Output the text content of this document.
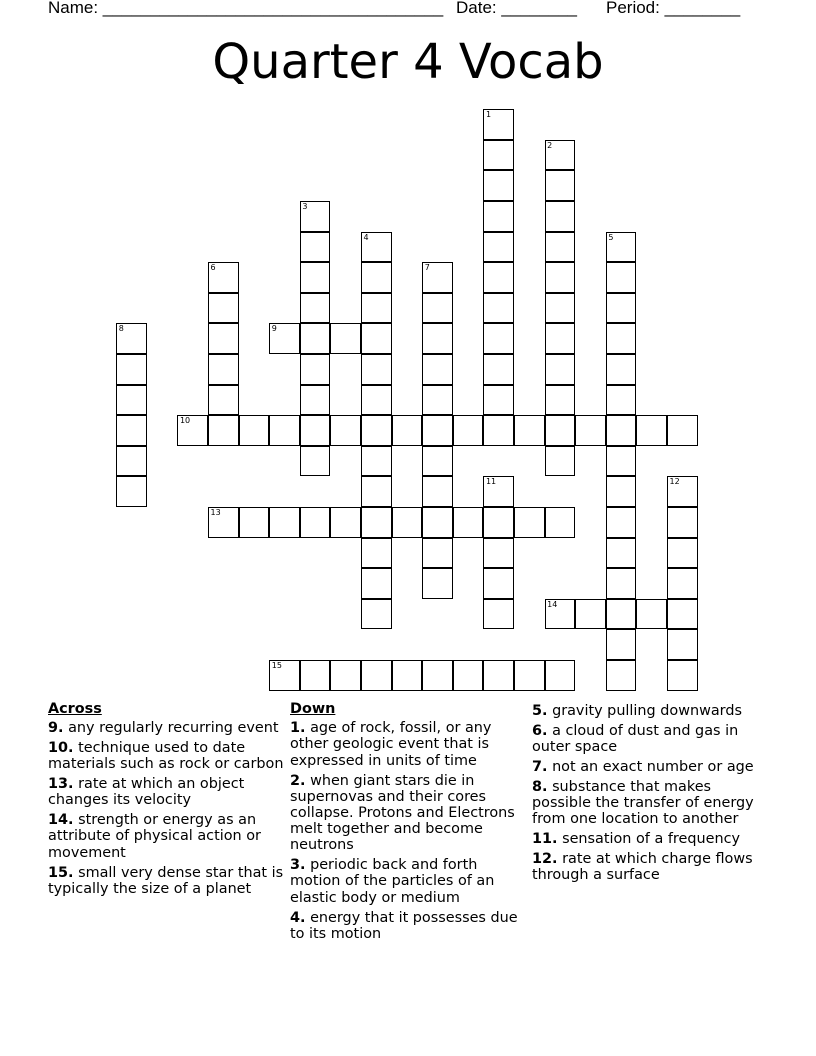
Name: ____________________________________ Date: ________ Period: ________
Quarter 4 Vocab
1
2
3
4	5
6	7
8	9
10
11	12
13
14
15
Across
9. any regularly recurring event
10. technique used to date materials such as rock or carbon
13. rate at which an object changes its velocity
14. strength or energy as an attribute of physical action or movement
15. small very dense star that is typically the size of a planet
Down
1. age of rock, fossil, or any other geologic event that is expressed in units of time
2. when giant stars die in supernovas and their cores collapse. Protons and Electrons melt together and become neutrons
3. periodic back and forth motion of the particles of an elastic body or medium
4. energy that it possesses due to its motion
5. gravity pulling downwards
6. a cloud of dust and gas in outer space
7. not an exact number or age
8. substance that makes possible the transfer of energy from one location to another
11. sensation of a frequency
12. rate at which charge flows through a surface
